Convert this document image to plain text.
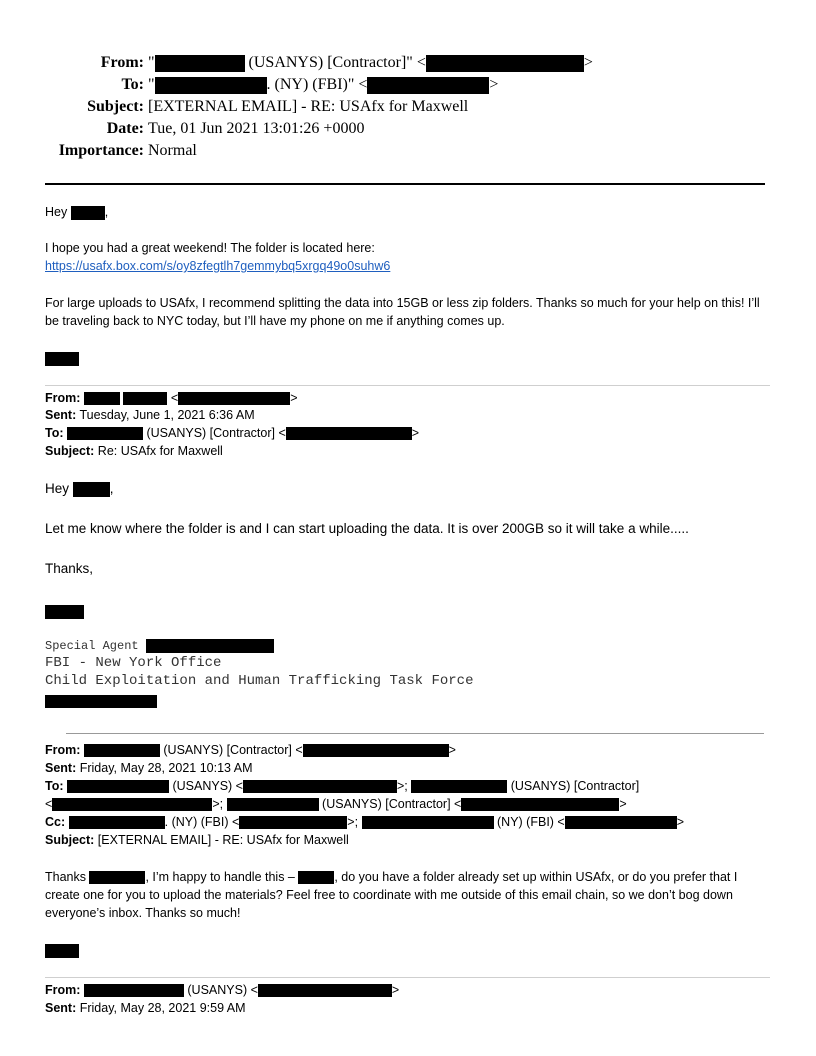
From: "	(USANYS) [Contractor]" <	>
To: "	. (NY) (FBI)" <	>
Subject: [EXTERNAL EMAIL] - RE: USAfx for Maxwell
Date: Tue, 01 Jun 2021 13:01:26 +0000
Importance: Normal
Hey	,
I hope you had a great weekend! The folder is located here:
https://usafx.box.com/s/oy8zfegtlh7gemmybq5xrgq49o0suhw6
For large uploads to USAfx, I recommend splitting the data into 15GB or less zip folders. Thanks so much for your help on this! I’ll be traveling back to NYC today, but I’ll have my phone on me if anything comes up.
From:	<	>
Sent: Tuesday, June 1, 2021 6:36 AM
To:	(USANYS) [Contractor] <	>
Subject: Re: USAfx for Maxwell
Hey	,
Let me know where the folder is and I can start uploading the data. It is over 200GB so it will take a while.....
Thanks,
Special Agent
FBI - New York Office
Child Exploitation and Human Trafficking Task Force
From:	(USANYS) [Contractor] <	>
Sent: Friday, May 28, 2021 10:13 AM
To:	(USANYS) <	>;	(USANYS) [Contractor]
<	>;	(USANYS) [Contractor] <	>
Cc:	. (NY) (FBI) <	>;	(NY) (FBI) <	>
Subject: [EXTERNAL EMAIL] - RE: USAfx for Maxwell
Thanks	, I’m happy to handle this –	, do you have a folder already set up within USAfx, or do you prefer that I create one for you to upload the materials? Feel free to coordinate with me outside of this email chain, so we don’t bog down everyone’s inbox. Thanks so much!
From:	(USANYS) <	>
Sent: Friday, May 28, 2021 9:59 AM
